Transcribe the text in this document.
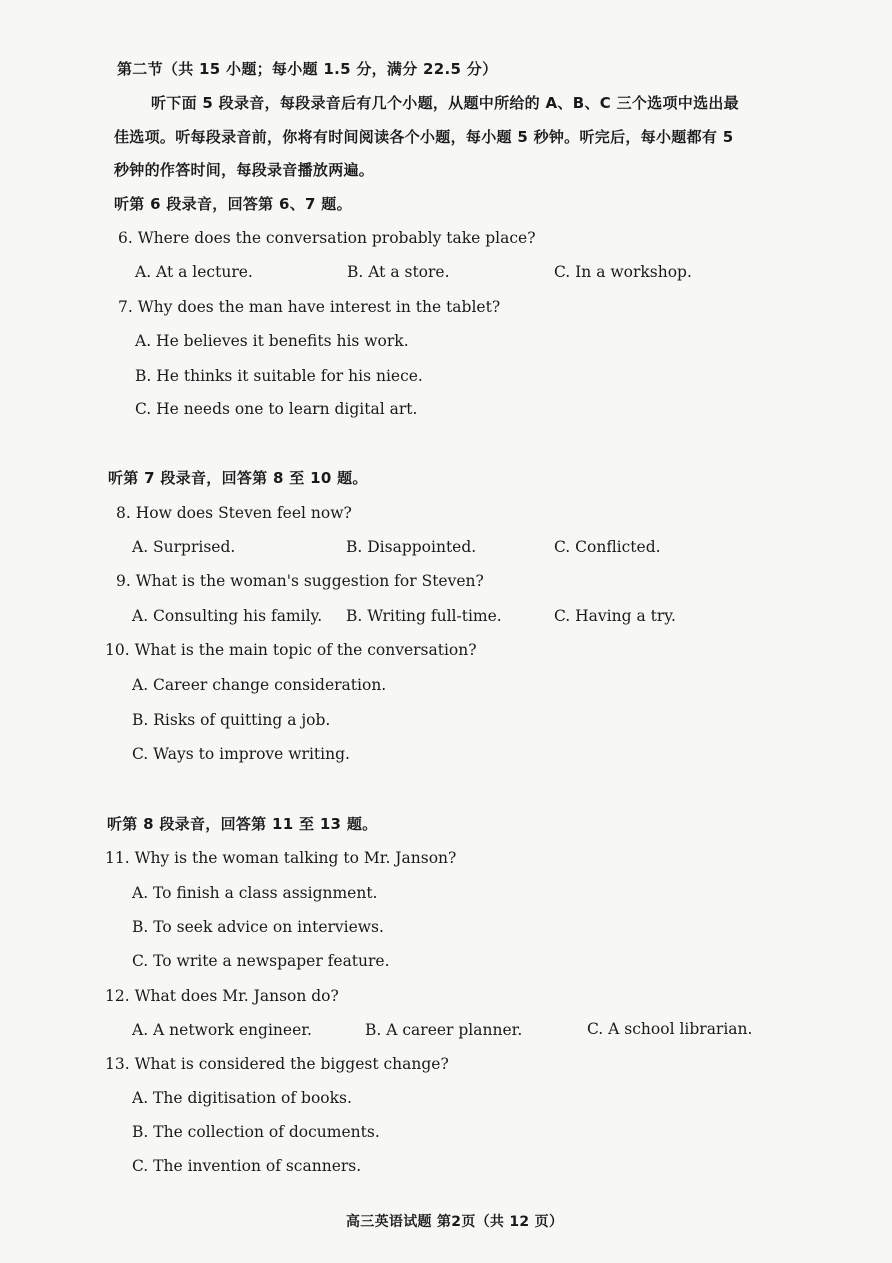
第二节（共 15 小题；每小题 1.5 分，满分 22.5 分）
听下面 5 段录音，每段录音后有几个小题，从题中所给的 A、B、C 三个选项中选出最
佳选项。听每段录音前，你将有时间阅读各个小题，每小题 5 秒钟。听完后，每小题都有 5
秒钟的作答时间，每段录音播放两遍。
听第 6 段录音，回答第 6、7 题。
6. Where does the conversation probably take place?
A. At a lecture.	B. At a store.	C. In a workshop.
7. Why does the man have interest in the tablet?
A. He believes it benefits his work.
B. He thinks it suitable for his niece.
C. He needs one to learn digital art.
听第 7 段录音，回答第 8 至 10 题。
8. How does Steven feel now?
A. Surprised.	B. Disappointed.	C. Conflicted.
9. What is the woman's suggestion for Steven?
A. Consulting his family. B. Writing full-time.	C. Having a try.
10. What is the main topic of the conversation?
A. Career change consideration.
B. Risks of quitting a job.
C. Ways to improve writing.
听第 8 段录音，回答第 11 至 13 题。
11. Why is the woman talking to Mr. Janson?
A. To finish a class assignment.
B. To seek advice on interviews.
C. To write a newspaper feature.
12. What does Mr. Janson do?
A. A network engineer.	B. A career planner.	C. A school librarian.
13. What is considered the biggest change?
A. The digitisation of books.
B. The collection of documents.
C. The invention of scanners.
高三英语试题 第2页（共 12 页）
